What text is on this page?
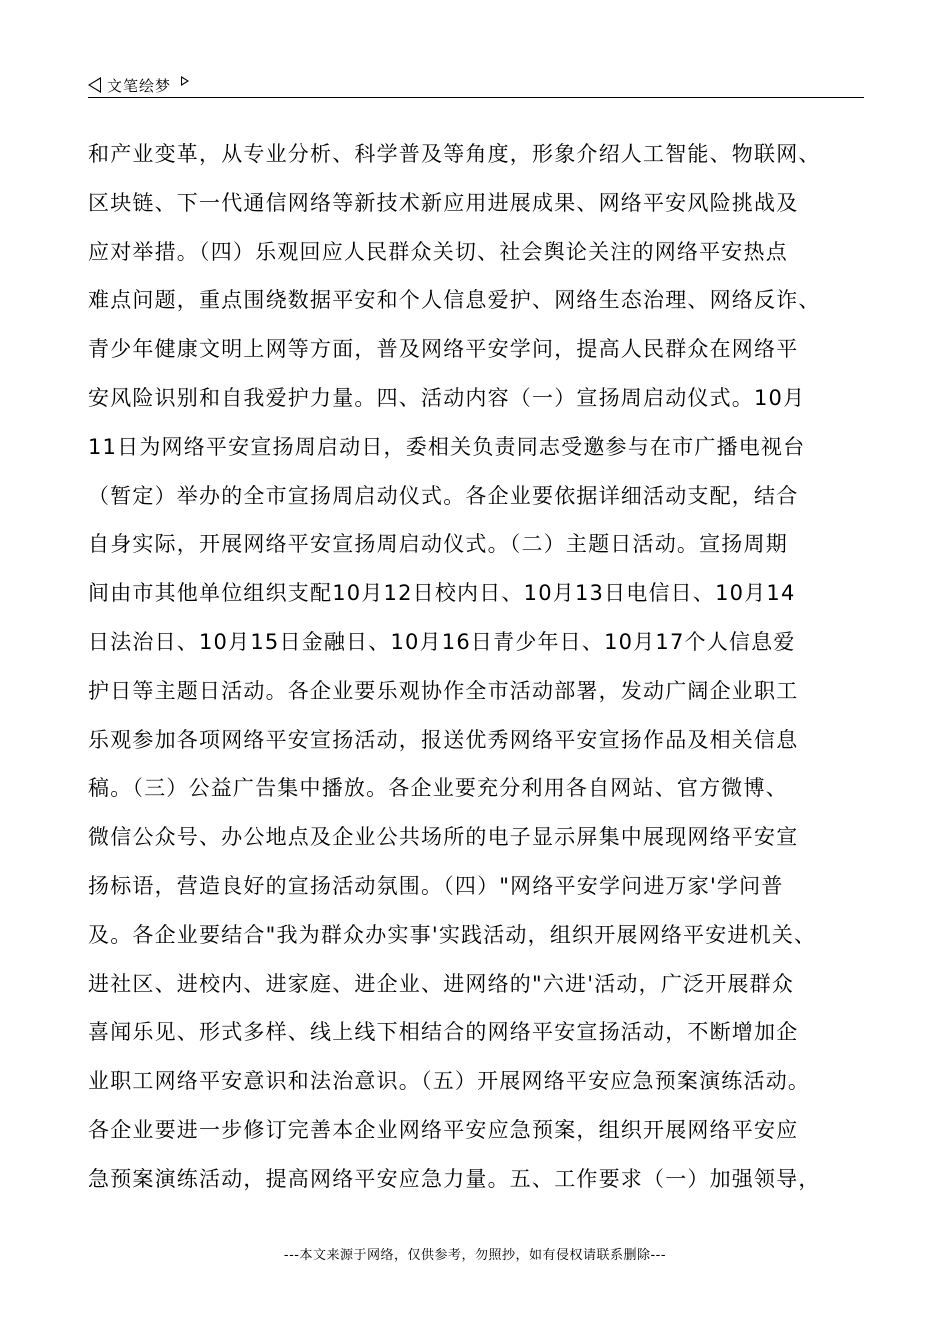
文笔绘梦
和产业变革，从专业分析、科学普及等角度，形象介绍人工智能、物联网、
区块链、下一代通信网络等新技术新应用进展成果、网络平安风险挑战及
应对举措。（四）乐观回应人民群众关切、社会舆论关注的网络平安热点
难点问题，重点围绕数据平安和个人信息爱护、网络生态治理、网络反诈、
青少年健康文明上网等方面，普及网络平安学问，提高人民群众在网络平
安风险识别和自我爱护力量。四、活动内容（一）宣扬周启动仪式。10月
11日为网络平安宣扬周启动日，委相关负责同志受邀参与在市广播电视台
（暂定）举办的全市宣扬周启动仪式。各企业要依据详细活动支配，结合
自身实际，开展网络平安宣扬周启动仪式。（二）主题日活动。宣扬周期
间由市其他单位组织支配10月12日校内日、10月13日电信日、10月14
日法治日、10月15日金融日、10月16日青少年日、10月17个人信息爱
护日等主题日活动。各企业要乐观协作全市活动部署，发动广阔企业职工
乐观参加各项网络平安宣扬活动，报送优秀网络平安宣扬作品及相关信息
稿。（三）公益广告集中播放。各企业要充分利用各自网站、官方微博、
微信公众号、办公地点及企业公共场所的电子显示屏集中展现网络平安宣
扬标语，营造良好的宣扬活动氛围。（四）"网络平安学问进万家'学问普
及。各企业要结合"我为群众办实事'实践活动，组织开展网络平安进机关、
进社区、进校内、进家庭、进企业、进网络的"六进'活动，广泛开展群众
喜闻乐见、形式多样、线上线下相结合的网络平安宣扬活动，不断增加企
业职工网络平安意识和法治意识。（五）开展网络平安应急预案演练活动。
各企业要进一步修订完善本企业网络平安应急预案，组织开展网络平安应
急预案演练活动，提高网络平安应急力量。五、工作要求（一）加强领导，
---本文来源于网络，仅供参考，勿照抄，如有侵权请联系删除---
